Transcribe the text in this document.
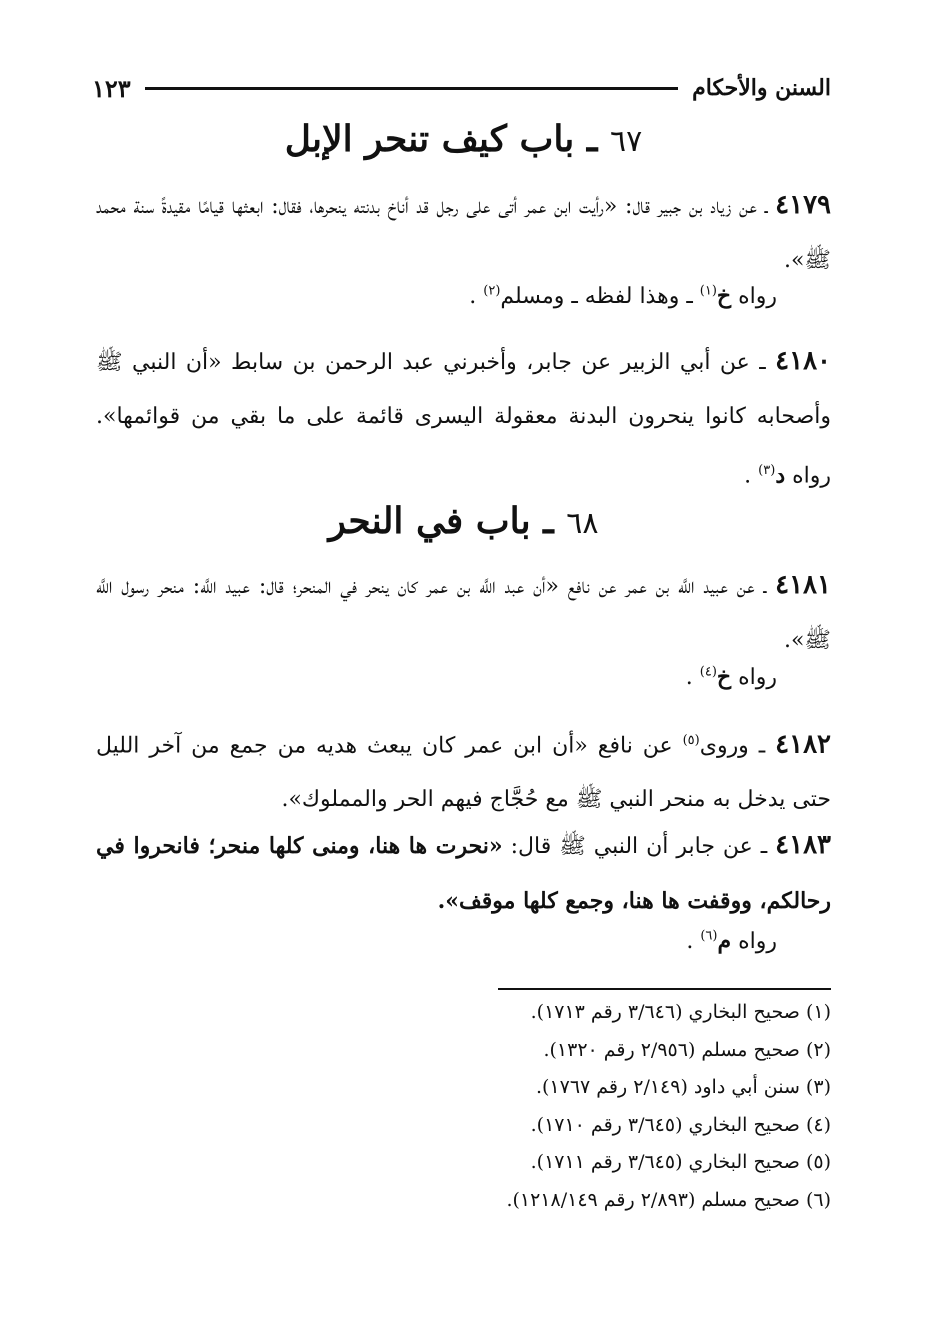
السنن والأحكام
١٢٣
٦٧ ـ باب كيف تنحر الإبل
٤١٧٩ ـ عن زياد بن جبير قال: «رأيت ابن عمر أتى على رجل قد أناخ بدنته ينحرها، فقال: ابعثها قيامًا مقيدةً سنة محمد ﷺ».
رواه خ$^{(١)}$ ـ وهذا لفظه ـ ومسلم$^{(٢)}$ .
٤١٨٠ ـ عن أبي الزبير عن جابر، وأخبرني عبد الرحمن بن سابط «أن النبي ﷺ وأصحابه كانوا ينحرون البدنة معقولة اليسرى قائمة على ما بقي من قوائمها». رواه د$^{(٣)}$ .
٦٨ ـ باب في النحر
٤١٨١ ـ عن عبيد اللَّه بن عمر عن نافع «أن عبد اللَّه بن عمر كان ينحر في المنحر؛ قال: عبيد اللَّه: منحر رسول اللَّه ﷺ».
رواه خ$^{(٤)}$ .
٤١٨٢ ـ وروى$^{(٥)}$ عن نافع «أن ابن عمر كان يبعث هديه من جمع من آخر الليل حتى يدخل به منحر النبي ﷺ مع حُجَّاج فيهم الحر والمملوك».
٤١٨٣ ـ عن جابر أن النبي ﷺ قال: «نحرت ها هنا، ومنى كلها منحر؛ فانحروا في رحالكم، ووقفت ها هنا، وجمع كلها موقف».
رواه م$^{(٦)}$ .
(١) صحيح البخاري (٣/٦٤٦ رقم ١٧١٣).
(٢) صحيح مسلم (٢/٩٥٦ رقم ١٣٢٠).
(٣) سنن أبي داود (٢/١٤٩ رقم ١٧٦٧).
(٤) صحيح البخاري (٣/٦٤٥ رقم ١٧١٠).
(٥) صحيح البخاري (٣/٦٤٥ رقم ١٧١١).
(٦) صحيح مسلم (٢/٨٩٣ رقم ١٢١٨/١٤٩).
